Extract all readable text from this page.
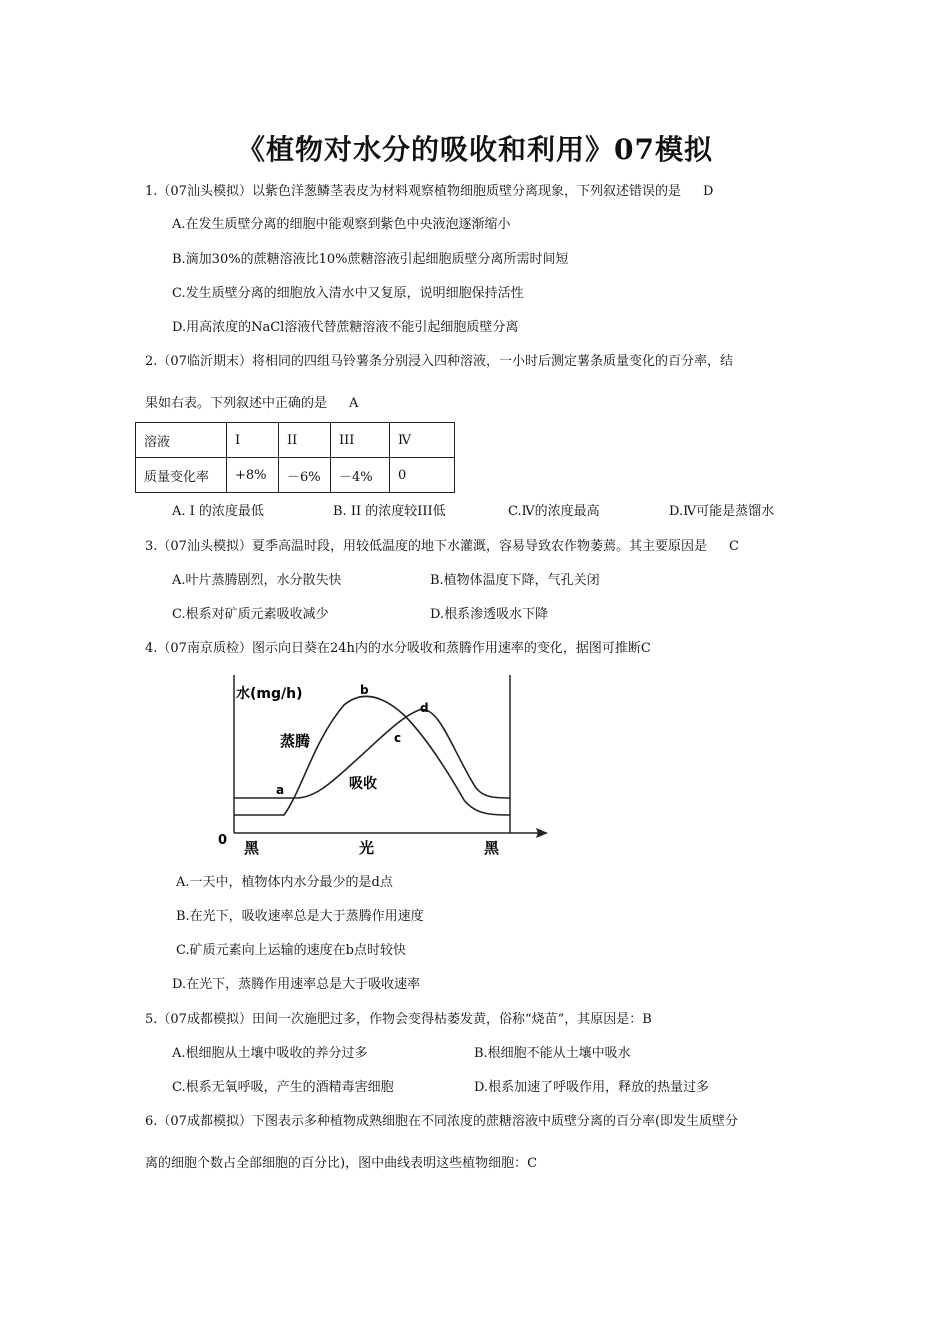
《植物对水分的吸收和利用》07模拟
1.（07汕头模拟）以紫色洋葱鳞茎表皮为材料观察植物细胞质壁分离现象，下列叙述错误的是 D
A.在发生质壁分离的细胞中能观察到紫色中央液泡逐渐缩小
B.滴加30%的蔗糖溶液比10%蔗糖溶液引起细胞质壁分离所需时间短
C.发生质壁分离的细胞放入清水中又复原，说明细胞保持活性
D.用高浓度的NaCl溶液代替蔗糖溶液不能引起细胞质壁分离
2.（07临沂期末）将相同的四组马铃薯条分别浸入四种溶液，一小时后测定薯条质量变化的百分率，结
果如右表。下列叙述中正确的是 A
溶液	I	II	III	Ⅳ
质量变化率	+8%	－6%	－4%	0
A. I 的浓度最低	B. II 的浓度较III低	C.Ⅳ的浓度最高	D.Ⅳ可能是蒸馏水
3.（07汕头模拟）夏季高温时段，用较低温度的地下水灌溉，容易导致农作物萎蔫。其主要原因是 C
A.叶片蒸腾剧烈，水分散失快	B.植物体温度下降，气孔关闭
C.根系对矿质元素吸收减少	D.根系渗透吸水下降
4.（07南京质检）图示向日葵在24h内的水分吸收和蒸腾作用速率的变化，据图可推断C
水(mg/h)
蒸腾
吸收
0 黑	光	黑
a
b
c
d
A.一天中，植物体内水分最少的是d点
B.在光下，吸收速率总是大于蒸腾作用速度
C.矿质元素向上运输的速度在b点时较快
D.在光下，蒸腾作用速率总是大于吸收速率
5.（07成都模拟）田间一次施肥过多，作物会变得枯萎发黄，俗称“烧苗”，其原因是：B
A.根细胞从土壤中吸收的养分过多	B.根细胞不能从土壤中吸水
C.根系无氧呼吸，产生的酒精毒害细胞	D.根系加速了呼吸作用，释放的热量过多
6.（07成都模拟）下图表示多种植物成熟细胞在不同浓度的蔗糖溶液中质壁分离的百分率(即发生质壁分
离的细胞个数占全部细胞的百分比)，图中曲线表明这些植物细胞：C
